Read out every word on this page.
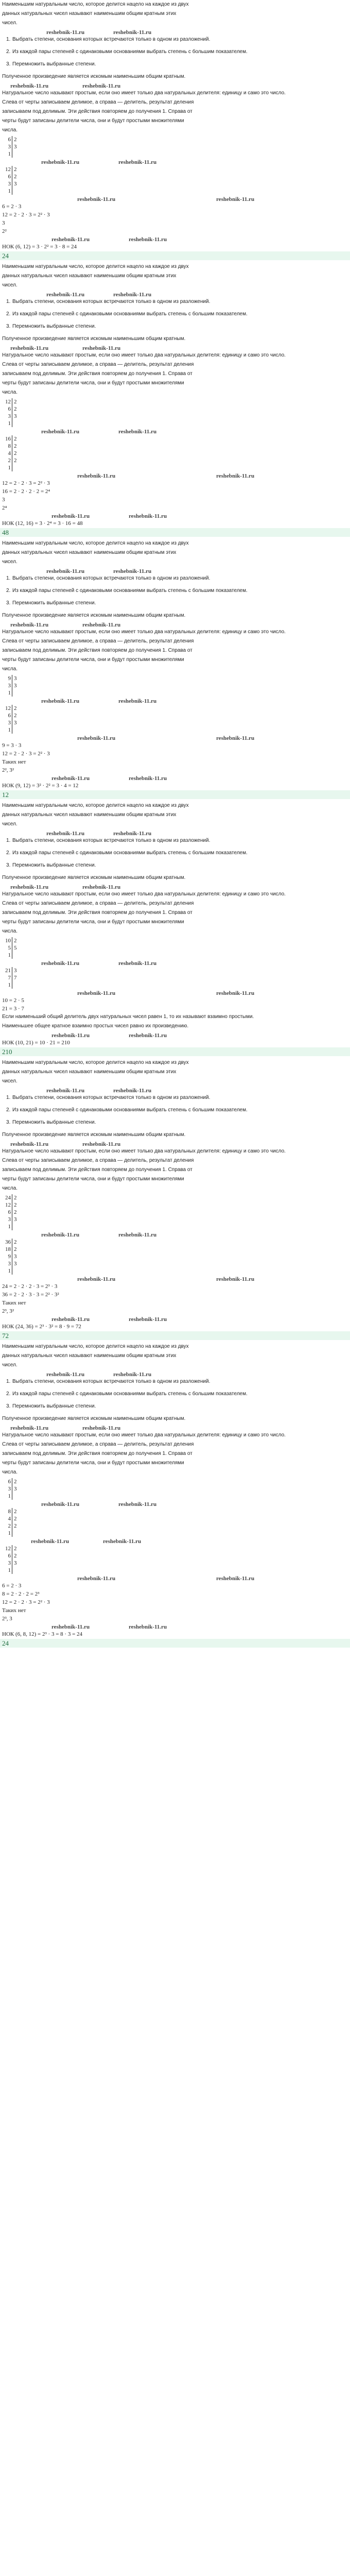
Наименьшим натуральным число, которое делится нацело на каждое из двух
данных натуральных чисел называют наименьшим общим кратным этих
чисел.
reshebnik-11.ru	reshebnik-11.ru
1. Выбрать степени, основания которых встречаются только в одном из разложений.
2. Из каждой пары степеней с одинаковыми основаниями выбрать степень с большим показателем.
3. Перемножить выбранные степени.
Полученное произведение является искомым наименьшим общим кратным.
reshebnik-11.ru	reshebnik-11.ru
Натуральное число называют простым, если оно имеет только два натуральных делителя: единицу и само это число.
Слева от черты записываем делимое, а справа — делитель, результат деления
записываем под делимым. Эти действия повторяем до получения 1. Справа от
черты будут записаны делители числа, они и будут простыми множителями
числа.
6	2
3	3
1	
reshebnik-11.ru	reshebnik-11.ru
12	2
6	2
3	3
1	
reshebnik-11.ru	reshebnik-11.ru
6 = 2 · 3
12 = 2 · 2 · 3 = 2² · 3
3
2²
reshebnik-11.ru	reshebnik-11.ru
НОК (6, 12) = 3 · 2² = 3 · 8 = 24
24
Наименьшим натуральным число, которое делится нацело на каждое из двух
данных натуральных чисел называют наименьшим общим кратным этих
чисел.
reshebnik-11.ru	reshebnik-11.ru
1. Выбрать степени, основания которых встречаются только в одном из разложений.
2. Из каждой пары степеней с одинаковыми основаниями выбрать степень с большим показателем.
3. Перемножить выбранные степени.
Полученное произведение является искомым наименьшим общим кратным.
reshebnik-11.ru	reshebnik-11.ru
Натуральное число называют простым, если оно имеет только два натуральных делителя: единицу и само это число.
Слева от черты записываем делимое, а справа — делитель, результат деления
записываем под делимым. Эти действия повторяем до получения 1. Справа от
черты будут записаны делители числа, они и будут простыми множителями
числа.
12	2
6	2
3	3
1	
reshebnik-11.ru	reshebnik-11.ru
16	2
8	2
4	2
2	2
1	
reshebnik-11.ru	reshebnik-11.ru
12 = 2 · 2 · 3 = 2² · 3
16 = 2 · 2 · 2 · 2 = 2⁴
3
2⁴
reshebnik-11.ru	reshebnik-11.ru
НОК (12, 16) = 3 · 2⁴ = 3 · 16 = 48
48
Наименьшим натуральным число, которое делится нацело на каждое из двух
данных натуральных чисел называют наименьшим общим кратным этих
чисел.
reshebnik-11.ru	reshebnik-11.ru
1. Выбрать степени, основания которых встречаются только в одном из разложений.
2. Из каждой пары степеней с одинаковыми основаниями выбрать степень с большим показателем.
3. Перемножить выбранные степени.
Полученное произведение является искомым наименьшим общим кратным.
reshebnik-11.ru	reshebnik-11.ru
Натуральное число называют простым, если оно имеет только два натуральных делителя: единицу и само это число.
Слева от черты записываем делимое, а справа — делитель, результат деления
записываем под делимым. Эти действия повторяем до получения 1. Справа от
черты будут записаны делители числа, они и будут простыми множителями
числа.
9	3
3	3
1	
reshebnik-11.ru	reshebnik-11.ru
12	2
6	2
3	3
1	
reshebnik-11.ru	reshebnik-11.ru
9 = 3 · 3
12 = 2 · 2 · 3 = 2² · 3
Таких нет
2², 3²
reshebnik-11.ru	reshebnik-11.ru
НОК (9, 12) = 3² · 2² = 3 · 4 = 12
12
Наименьшим натуральным число, которое делится нацело на каждое из двух
данных натуральных чисел называют наименьшим общим кратным этих
чисел.
reshebnik-11.ru	reshebnik-11.ru
1. Выбрать степени, основания которых встречаются только в одном из разложений.
2. Из каждой пары степеней с одинаковыми основаниями выбрать степень с большим показателем.
3. Перемножить выбранные степени.
Полученное произведение является искомым наименьшим общим кратным.
reshebnik-11.ru	reshebnik-11.ru
Натуральное число называют простым, если оно имеет только два натуральных делителя: единицу и само это число.
Слева от черты записываем делимое, а справа — делитель, результат деления
записываем под делимым. Эти действия повторяем до получения 1. Справа от
черты будут записаны делители числа, они и будут простыми множителями
числа.
10	2
5	5
1	
reshebnik-11.ru	reshebnik-11.ru
21	3
7	7
1	
reshebnik-11.ru	reshebnik-11.ru
10 = 2 · 5
21 = 3 · 7
Если наименьший общий делитель двух натуральных чисел равен 1, то их называют взаимно простыми.
Наименьшее общее кратное взаимно простых чисел равно их произведению.
reshebnik-11.ru	reshebnik-11.ru
НОК (10, 21) = 10 · 21 = 210
210
Наименьшим натуральным число, которое делится нацело на каждое из двух
данных натуральных чисел называют наименьшим общим кратным этих
чисел.
reshebnik-11.ru	reshebnik-11.ru
1. Выбрать степени, основания которых встречаются только в одном из разложений.
2. Из каждой пары степеней с одинаковыми основаниями выбрать степень с большим показателем.
3. Перемножить выбранные степени.
Полученное произведение является искомым наименьшим общим кратным.
reshebnik-11.ru	reshebnik-11.ru
Натуральное число называют простым, если оно имеет только два натуральных делителя: единицу и само это число.
Слева от черты записываем делимое, а справа — делитель, результат деления
записываем под делимым. Эти действия повторяем до получения 1. Справа от
черты будут записаны делители числа, они и будут простыми множителями
числа.
24	2
12	2
6	2
3	3
1	
reshebnik-11.ru	reshebnik-11.ru
36	2
18	2
9	3
3	3
1	
reshebnik-11.ru	reshebnik-11.ru
24 = 2 · 2 · 2 · 3 = 2³ · 3
36 = 2 · 2 · 3 · 3 = 2² · 3²
Таких нет
2³, 3²
reshebnik-11.ru	reshebnik-11.ru
НОК (24, 36) = 2³ · 3² = 8 · 9 = 72
72
Наименьшим натуральным число, которое делится нацело на каждое из двух
данных натуральных чисел называют наименьшим общим кратным этих
чисел.
reshebnik-11.ru	reshebnik-11.ru
1. Выбрать степени, основания которых встречаются только в одном из разложений.
2. Из каждой пары степеней с одинаковыми основаниями выбрать степень с большим показателем.
3. Перемножить выбранные степени.
Полученное произведение является искомым наименьшим общим кратным.
reshebnik-11.ru	reshebnik-11.ru
Натуральное число называют простым, если оно имеет только два натуральных делителя: единицу и само это число.
Слева от черты записываем делимое, а справа — делитель, результат деления
записываем под делимым. Эти действия повторяем до получения 1. Справа от
черты будут записаны делители числа, они и будут простыми множителями
числа.
6	2
3	3
1	
reshebnik-11.ru	reshebnik-11.ru
8	2
4	2
2	2
1	
reshebnik-11.ru	reshebnik-11.ru
12	2
6	2
3	3
1	
reshebnik-11.ru	reshebnik-11.ru
6 = 2 · 3
8 = 2 · 2 · 2 = 2³
12 = 2 · 2 · 3 = 2² · 3
Таких нет
2³, 3
reshebnik-11.ru	reshebnik-11.ru
НОК (6, 8, 12) = 2³ · 3 = 8 · 3 = 24
24
